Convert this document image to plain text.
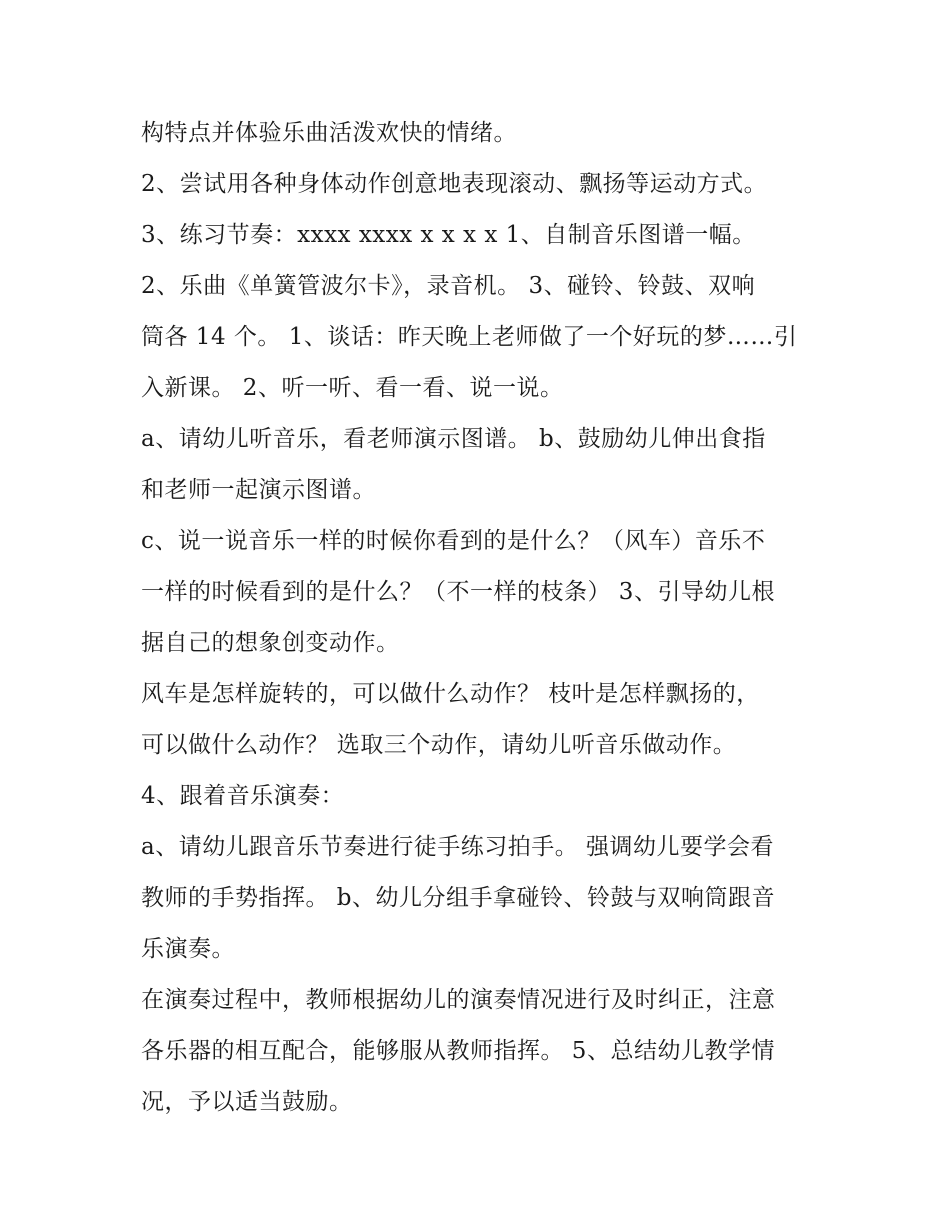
构特点并体验乐曲活泼欢快的情绪。
2、尝试用各种身体动作创意地表现滚动、飘扬等运动方式。
3、练习节奏：xxxx xxxx x x x x 1、自制音乐图谱一幅。
2、乐曲《单簧管波尔卡》，录音机。 3、碰铃、铃鼓、双响
筒各 14 个。 1、谈话：昨天晚上老师做了一个好玩的梦……引
入新课。 2、听一听、看一看、说一说。
a、请幼儿听音乐，看老师演示图谱。 b、鼓励幼儿伸出食指
和老师一起演示图谱。
c、说一说音乐一样的时候你看到的是什么？（风车）音乐不
一样的时候看到的是什么？（不一样的枝条） 3、引导幼儿根
据自己的想象创变动作。
风车是怎样旋转的，可以做什么动作？ 枝叶是怎样飘扬的，
可以做什么动作？ 选取三个动作，请幼儿听音乐做动作。
4、跟着音乐演奏：
a、请幼儿跟音乐节奏进行徒手练习拍手。 强调幼儿要学会看
教师的手势指挥。 b、幼儿分组手拿碰铃、铃鼓与双响筒跟音
乐演奏。
在演奏过程中，教师根据幼儿的演奏情况进行及时纠正，注意
各乐器的相互配合，能够服从教师指挥。 5、总结幼儿教学情
况，予以适当鼓励。
